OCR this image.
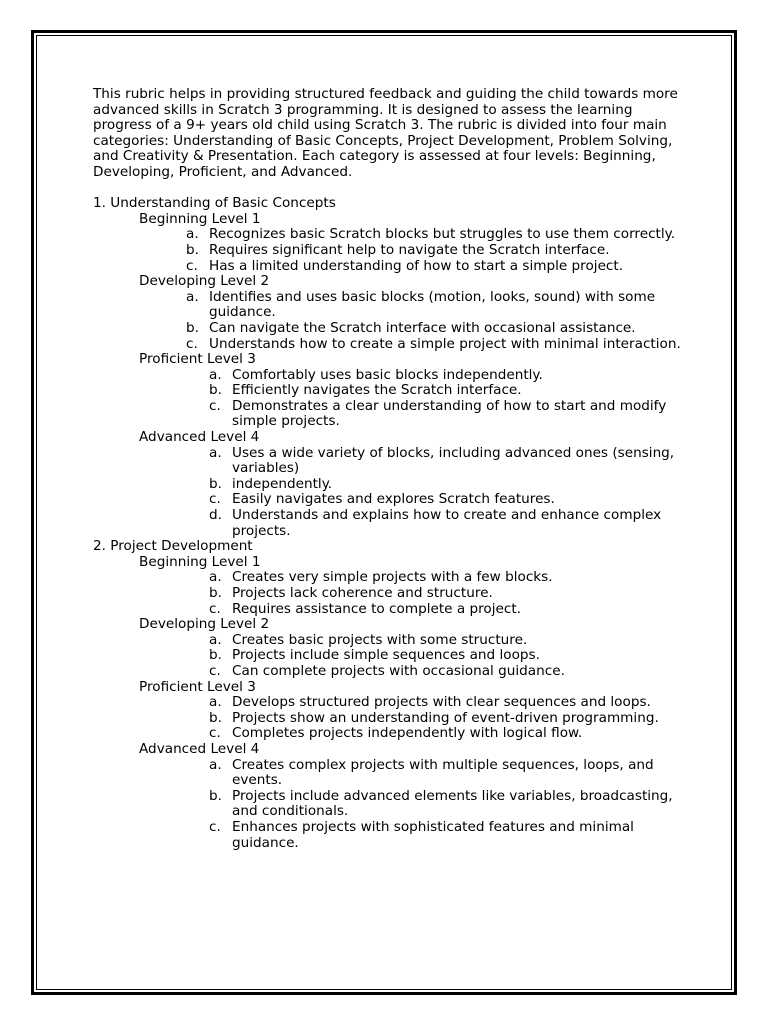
This rubric helps in providing structured feedback and guiding the child towards more advanced skills in Scratch 3 programming. It is designed to assess the learning progress of a 9+ years old child using Scratch 3. The rubric is divided into four main categories: Understanding of Basic Concepts, Project Development, Problem Solving, and Creativity & Presentation. Each category is assessed at four levels: Beginning, Developing, Proficient, and Advanced.

1. Understanding of Basic Concepts
Beginning Level 1
a. Recognizes basic Scratch blocks but struggles to use them correctly.
b. Requires significant help to navigate the Scratch interface.
c. Has a limited understanding of how to start a simple project.
Developing Level 2
a. Identifies and uses basic blocks (motion, looks, sound) with some guidance.
b. Can navigate the Scratch interface with occasional assistance.
c. Understands how to create a simple project with minimal interaction.
Proficient Level 3
a. Comfortably uses basic blocks independently.
b. Efficiently navigates the Scratch interface.
c. Demonstrates a clear understanding of how to start and modify simple projects.
Advanced Level 4
a. Uses a wide variety of blocks, including advanced ones (sensing, variables)
b. independently.
c. Easily navigates and explores Scratch features.
d. Understands and explains how to create and enhance complex projects.
2. Project Development
Beginning Level 1
a. Creates very simple projects with a few blocks.
b. Projects lack coherence and structure.
c. Requires assistance to complete a project.
Developing Level 2
a. Creates basic projects with some structure.
b. Projects include simple sequences and loops.
c. Can complete projects with occasional guidance.
Proficient Level 3
a. Develops structured projects with clear sequences and loops.
b. Projects show an understanding of event-driven programming.
c. Completes projects independently with logical flow.
Advanced Level 4
a. Creates complex projects with multiple sequences, loops, and events.
b. Projects include advanced elements like variables, broadcasting, and conditionals.
c. Enhances projects with sophisticated features and minimal guidance.
